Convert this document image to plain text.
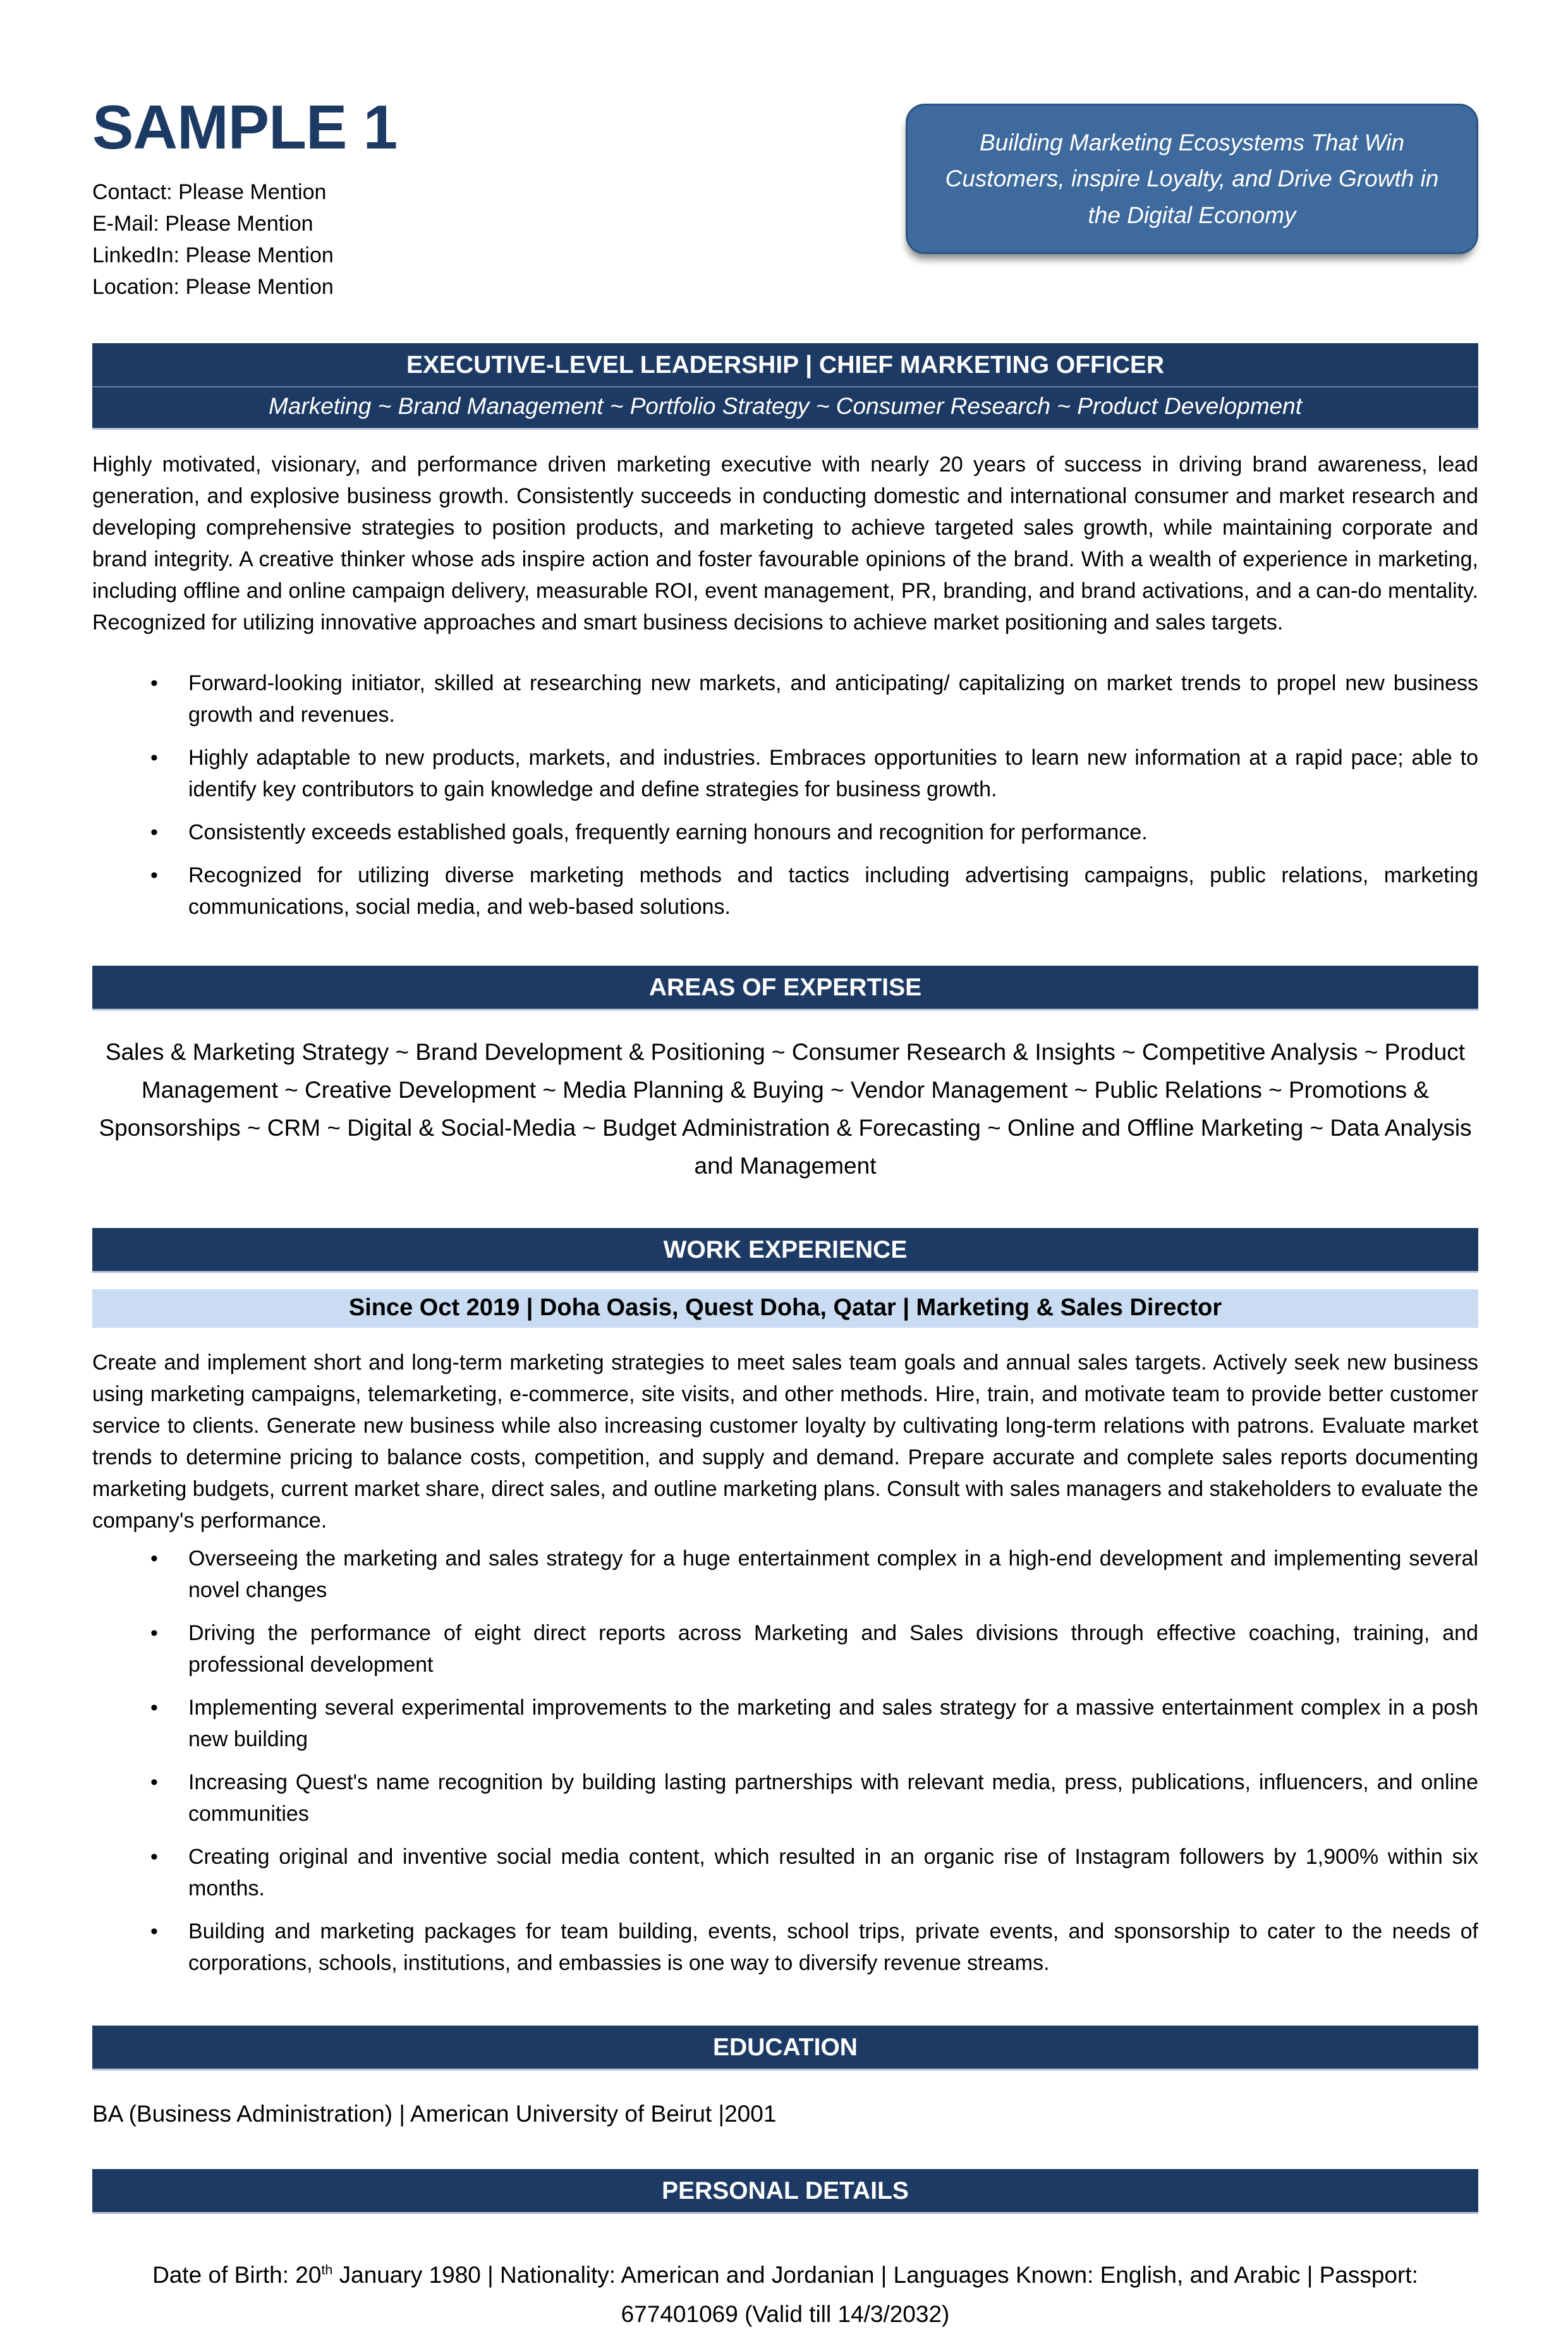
SAMPLE 1
Contact: Please Mention
E-Mail: Please Mention
LinkedIn: Please Mention
Location: Please Mention

Building Marketing Ecosystems That Win Customers, inspire Loyalty, and Drive Growth in the Digital Economy

EXECUTIVE-LEVEL LEADERSHIP | CHIEF MARKETING OFFICER
Marketing ~ Brand Management ~ Portfolio Strategy ~ Consumer Research ~ Product Development

Highly motivated, visionary, and performance driven marketing executive with nearly 20 years of success in driving brand awareness, lead generation, and explosive business growth. Consistently succeeds in conducting domestic and international consumer and market research and developing comprehensive strategies to position products, and marketing to achieve targeted sales growth, while maintaining corporate and brand integrity. A creative thinker whose ads inspire action and foster favourable opinions of the brand. With a wealth of experience in marketing, including offline and online campaign delivery, measurable ROI, event management, PR, branding, and brand activations, and a can-do mentality. Recognized for utilizing innovative approaches and smart business decisions to achieve market positioning and sales targets.

• Forward-looking initiator, skilled at researching new markets, and anticipating/ capitalizing on market trends to propel new business growth and revenues.
• Highly adaptable to new products, markets, and industries. Embraces opportunities to learn new information at a rapid pace; able to identify key contributors to gain knowledge and define strategies for business growth.
• Consistently exceeds established goals, frequently earning honours and recognition for performance.
• Recognized for utilizing diverse marketing methods and tactics including advertising campaigns, public relations, marketing communications, social media, and web-based solutions.
AREAS OF EXPERTISE

Sales & Marketing Strategy ~ Brand Development & Positioning ~ Consumer Research & Insights ~ Competitive Analysis ~ Product Management ~ Creative Development ~ Media Planning & Buying ~ Vendor Management ~ Public Relations ~ Promotions & Sponsorships ~ CRM ~ Digital & Social-Media ~ Budget Administration & Forecasting ~ Online and Offline Marketing ~ Data Analysis and Management

WORK EXPERIENCE
Since Oct 2019 | Doha Oasis, Quest Doha, Qatar | Marketing & Sales Director

Create and implement short and long-term marketing strategies to meet sales team goals and annual sales targets. Actively seek new business using marketing campaigns, telemarketing, e-commerce, site visits, and other methods. Hire, train, and motivate team to provide better customer service to clients. Generate new business while also increasing customer loyalty by cultivating long-term relations with patrons. Evaluate market trends to determine pricing to balance costs, competition, and supply and demand. Prepare accurate and complete sales reports documenting marketing budgets, current market share, direct sales, and outline marketing plans. Consult with sales managers and stakeholders to evaluate the company's performance.

• Overseeing the marketing and sales strategy for a huge entertainment complex in a high-end development and implementing several novel changes
• Driving the performance of eight direct reports across Marketing and Sales divisions through effective coaching, training, and professional development
• Implementing several experimental improvements to the marketing and sales strategy for a massive entertainment complex in a posh new building
• Increasing Quest's name recognition by building lasting partnerships with relevant media, press, publications, influencers, and online communities
• Creating original and inventive social media content, which resulted in an organic rise of Instagram followers by 1,900% within six months.
• Building and marketing packages for team building, events, school trips, private events, and sponsorship to cater to the needs of corporations, schools, institutions, and embassies is one way to diversify revenue streams.
EDUCATION

BA (Business Administration) | American University of Beirut |2001

PERSONAL DETAILS

Date of Birth: 20th January 1980 | Nationality: American and Jordanian | Languages Known: English, and Arabic | Passport: 677401069 (Valid till 14/3/2032)
